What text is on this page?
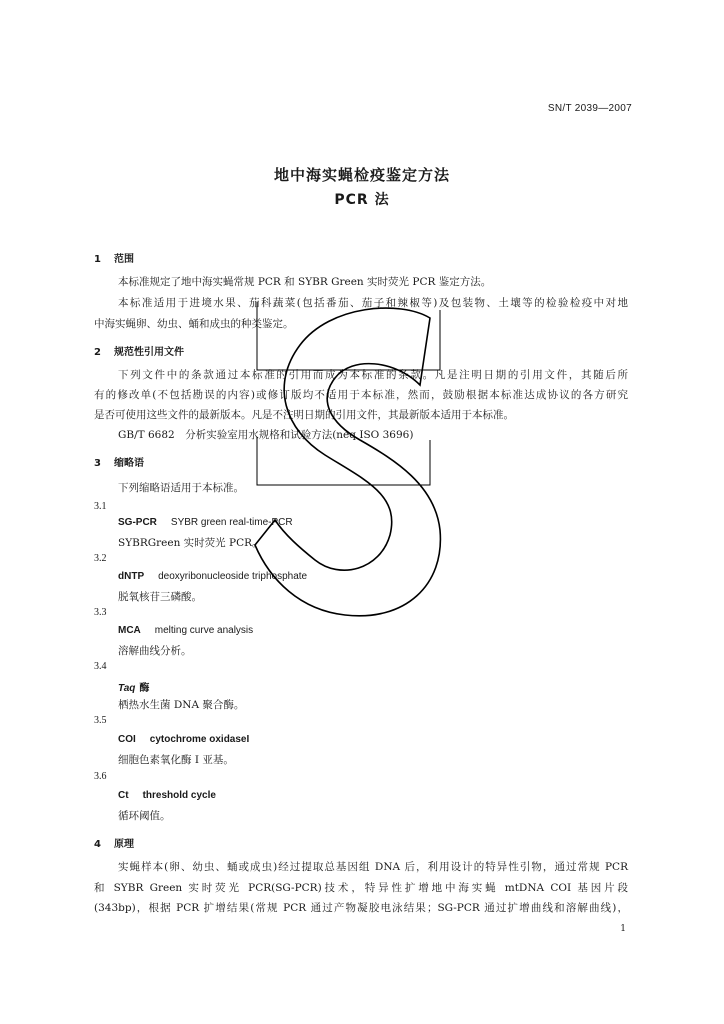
SN/T 2039—2007
地中海实蝇检疫鉴定方法
PCR 法
1 范围
本标准规定了地中海实蝇常规 PCR 和 SYBR Green 实时荧光 PCR 鉴定方法。
本标准适用于进境水果、茄科蔬菜(包括番茄、茄子和辣椒等)及包装物、土壤等的检验检疫中对地
中海实蝇卵、幼虫、蛹和成虫的种类鉴定。
2 规范性引用文件
下列文件中的条款通过本标准的引用而成为本标准的条款。凡是注明日期的引用文件，其随后所
有的修改单(不包括勘误的内容)或修订版均不适用于本标准，然而，鼓励根据本标准达成协议的各方研究
是否可使用这些文件的最新版本。凡是不注明日期的引用文件，其最新版本适用于本标准。
GB/T 6682　分析实验室用水规格和试验方法(neq ISO 3696)
3 缩略语
下列缩略语适用于本标准。
3.1
SG-PCR SYBR green real-time-PCR
SYBRGreen 实时荧光 PCR。
3.2
dNTP deoxyribonucleoside triphosphate
脱氧核苷三磷酸。
3.3
MCA melting curve analysis
溶解曲线分析。
3.4
Taq 酶
栖热水生菌 DNA 聚合酶。
3.5
COI cytochrome oxidaseI
细胞色素氧化酶 I 亚基。
3.6
Ct threshold cycle
循环阈值。
4 原理
实蝇样本(卵、幼虫、蛹或成虫)经过提取总基因组 DNA 后，利用设计的特异性引物，通过常规 PCR
和 SYBR Green 实时荧光 PCR(SG-PCR)技术，特异性扩增地中海实蝇 mtDNA COI 基因片段
(343bp)，根据 PCR 扩增结果(常规 PCR 通过产物凝胶电泳结果；SG-PCR 通过扩增曲线和溶解曲线)，
1
